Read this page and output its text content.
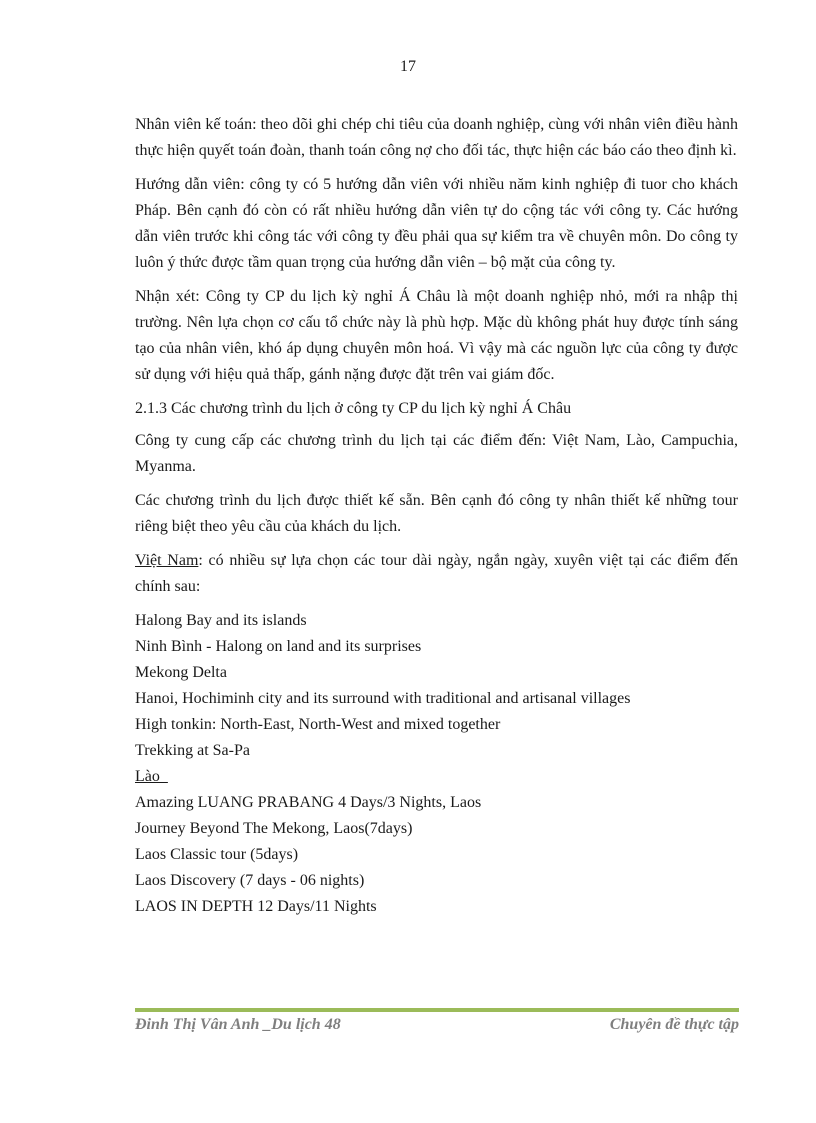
17

Nhân viên kế toán: theo dõi ghi chép chi tiêu của doanh nghiệp, cùng với nhân viên điều hành thực hiện quyết toán đoàn, thanh toán công nợ cho đối tác, thực hiện các báo cáo theo định kì.

Hướng dẫn viên: công ty có 5 hướng dẫn viên với nhiều năm kinh nghiệp đi tuor cho khách Pháp. Bên cạnh đó còn có rất nhiều hướng dẫn viên tự do cộng tác với công ty. Các hướng dẫn viên trước khi công tác với công ty đều phải qua sự kiểm tra về chuyên môn. Do công ty luôn ý thức được tầm quan trọng của hướng dẫn viên – bộ mặt của công ty.

Nhận xét: Công ty CP du lịch kỳ nghỉ Á Châu là một doanh nghiệp nhỏ, mới ra nhập thị trường. Nên lựa chọn cơ cấu tổ chức này là phù hợp. Mặc dù không phát huy được tính sáng tạo của nhân viên, khó áp dụng chuyên môn hoá. Vì vậy mà các nguồn lực của công ty được sử dụng với hiệu quả thấp, gánh nặng được đặt trên vai giám đốc.

2.1.3 Các chương trình du lịch ở công ty CP du lịch kỳ nghỉ Á Châu

Công ty cung cấp các chương trình du lịch tại các điểm đến: Việt Nam, Lào, Campuchia, Myanma.

Các chương trình du lịch được thiết kế sẵn. Bên cạnh đó công ty nhân thiết kế những tour riêng biệt theo yêu cầu của khách du lịch.

Việt Nam: có nhiều sự lựa chọn các tour dài ngày, ngắn ngày, xuyên việt tại các điểm đến chính sau:

Halong Bay and its islands
Ninh Bình - Halong on land and its surprises
Mekong Delta
Hanoi, Hochiminh city and its surround with traditional and artisanal villages
High tonkin: North-East, North-West and mixed together
Trekking at Sa-Pa
Lào
Amazing LUANG PRABANG 4 Days/3 Nights, Laos
Journey Beyond The Mekong, Laos(7days)
Laos Classic tour (5days)
Laos Discovery (7 days - 06 nights)
LAOS IN DEPTH 12 Days/11 Nights
Đinh Thị Vân Anh _Du lịch 48	Chuyên đề thực tập
